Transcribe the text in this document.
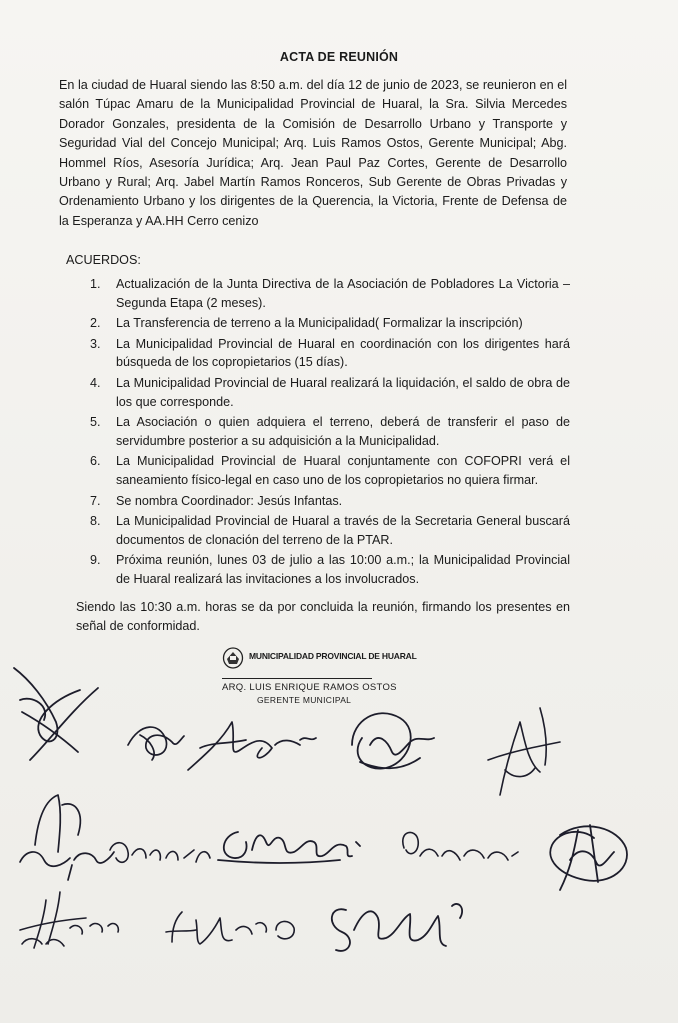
ACTA DE REUNIÓN
En la ciudad de Huaral siendo las 8:50 a.m. del día 12 de junio de 2023, se reunieron en el salón Túpac Amaru de la Municipalidad Provincial de Huaral, la Sra. Silvia Mercedes Dorador Gonzales, presidenta de la Comisión de Desarrollo Urbano y Transporte y Seguridad Vial del Concejo Municipal; Arq. Luis Ramos Ostos, Gerente Municipal; Abg. Hommel Ríos, Asesoría Jurídica; Arq. Jean Paul Paz Cortes, Gerente de Desarrollo Urbano y Rural; Arq. Jabel Martín Ramos Ronceros, Sub Gerente de Obras Privadas y Ordenamiento Urbano y los dirigentes de la Querencia, la Victoria, Frente de Defensa de la Esperanza y AA.HH Cerro cenizo
ACUERDOS:
1. Actualización de la Junta Directiva de la Asociación de Pobladores La Victoria – Segunda Etapa (2 meses).
2. La Transferencia de terreno a la Municipalidad( Formalizar la inscripción)
3. La Municipalidad Provincial de Huaral en coordinación con los dirigentes hará búsqueda de los copropietarios (15 días).
4. La Municipalidad Provincial de Huaral realizará la liquidación, el saldo de obra de los que corresponde.
5. La Asociación o quien adquiera el terreno, deberá de transferir el paso de servidumbre posterior a su adquisición a la Municipalidad.
6. La Municipalidad Provincial de Huaral conjuntamente con COFOPRI verá el saneamiento físico-legal en caso uno de los copropietarios no quiera firmar.
7. Se nombra Coordinador: Jesús Infantas.
8. La Municipalidad Provincial de Huaral a través de la Secretaria General buscará documentos de clonación del terreno de la PTAR.
9. Próxima reunión, lunes 03 de julio a las 10:00 a.m.; la Municipalidad Provincial de Huaral realizará las invitaciones a los involucrados.
Siendo las 10:30 a.m. horas se da por concluida la reunión, firmando los presentes en señal de conformidad.
MUNICIPALIDAD PROVINCIAL DE HUARAL
ARQ. LUIS ENRIQUE RAMOS OSTOS
GERENTE MUNICIPAL
